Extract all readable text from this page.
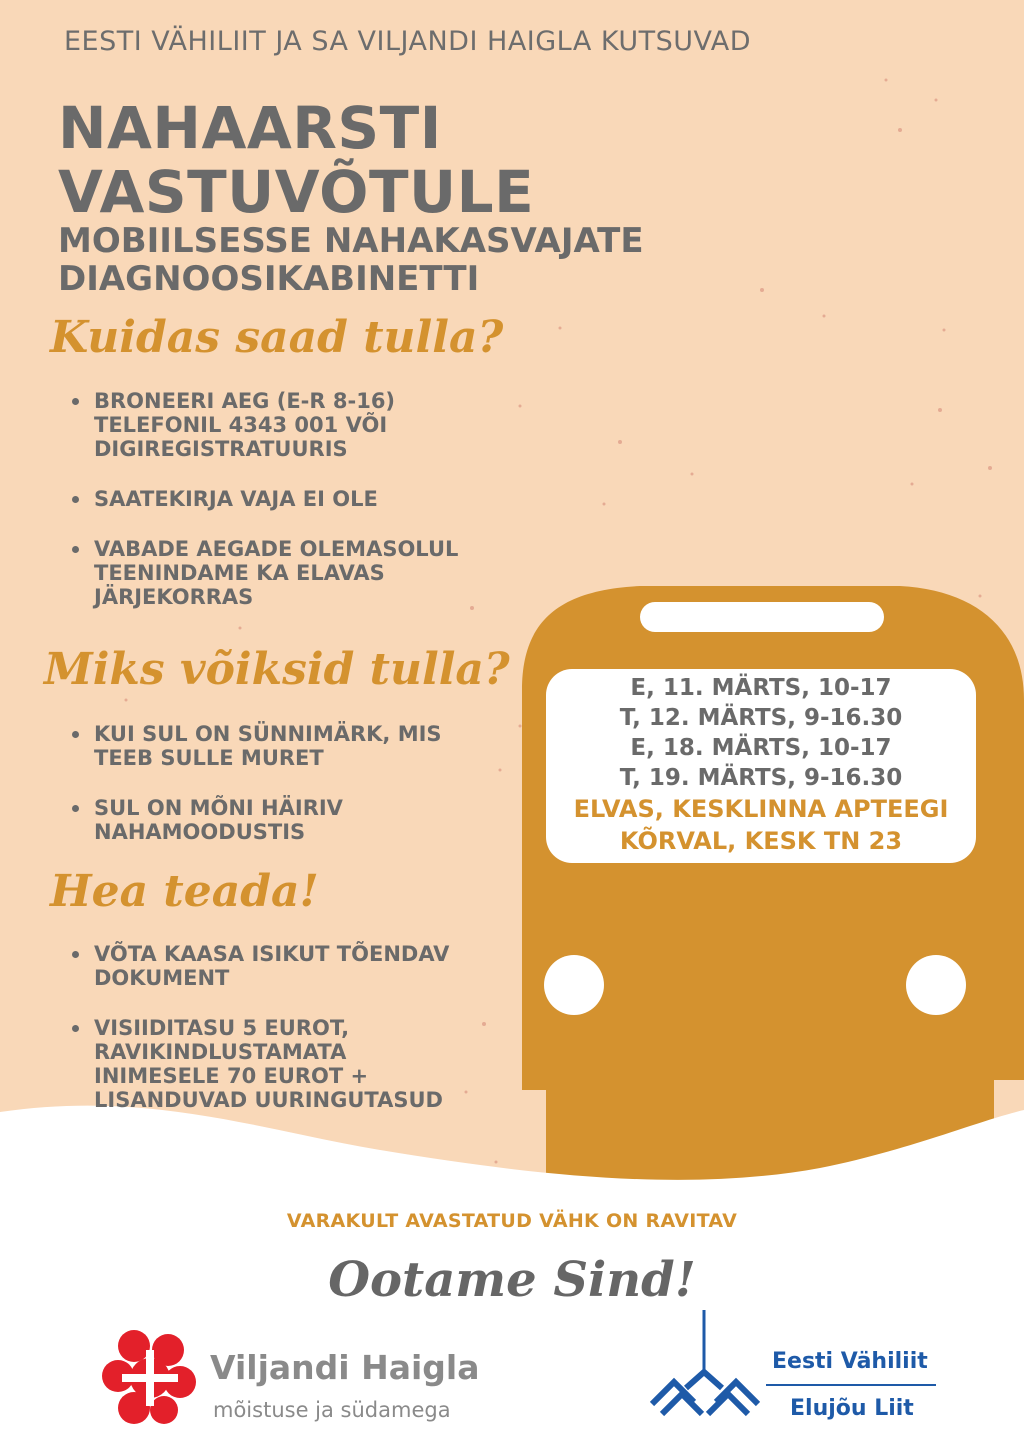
EESTI VÄHILIIT JA SA VILJANDI HAIGLA KUTSUVAD
NAHAARSTI
VASTUVÕTULE
MOBIILSESSE NAHAKASVAJATE
DIAGNOOSIKABINETTI
Kuidas saad tulla?
BRONEERI AEG (E-R 8-16)
TELEFONIL 4343 001 VÕI
DIGIREGISTRATUURIS
SAATEKIRJA VAJA EI OLE
VABADE AEGADE OLEMASOLUL
TEENINDAME KA ELAVAS
JÄRJEKORRAS
Miks võiksid tulla?
KUI SUL ON SÜNNIMÄRK, MIS
TEEB SULLE MURET
SUL ON MÕNI HÄIRIV
NAHAMOODUSTIS
Hea teada!
VÕTA KAASA ISIKUT TÕENDAV
DOKUMENT
VISIIDITASU 5 EUROT,
RAVIKINDLUSTAMATA
INIMESELE 70 EUROT +
LISANDUVAD UURINGUTASUD
E, 11. MÄRTS, 10-17
T, 12. MÄRTS, 9-16.30
E, 18. MÄRTS, 10-17
T, 19. MÄRTS, 9-16.30
ELVAS, KESKLINNA APTEEGI
KÕRVAL, KESK TN 23
VARAKULT AVASTATUD VÄHK ON RAVITAV
Ootame Sind!
Viljandi Haigla
mõistuse ja südamega
Eesti Vähiliit
Elujõu Liit
